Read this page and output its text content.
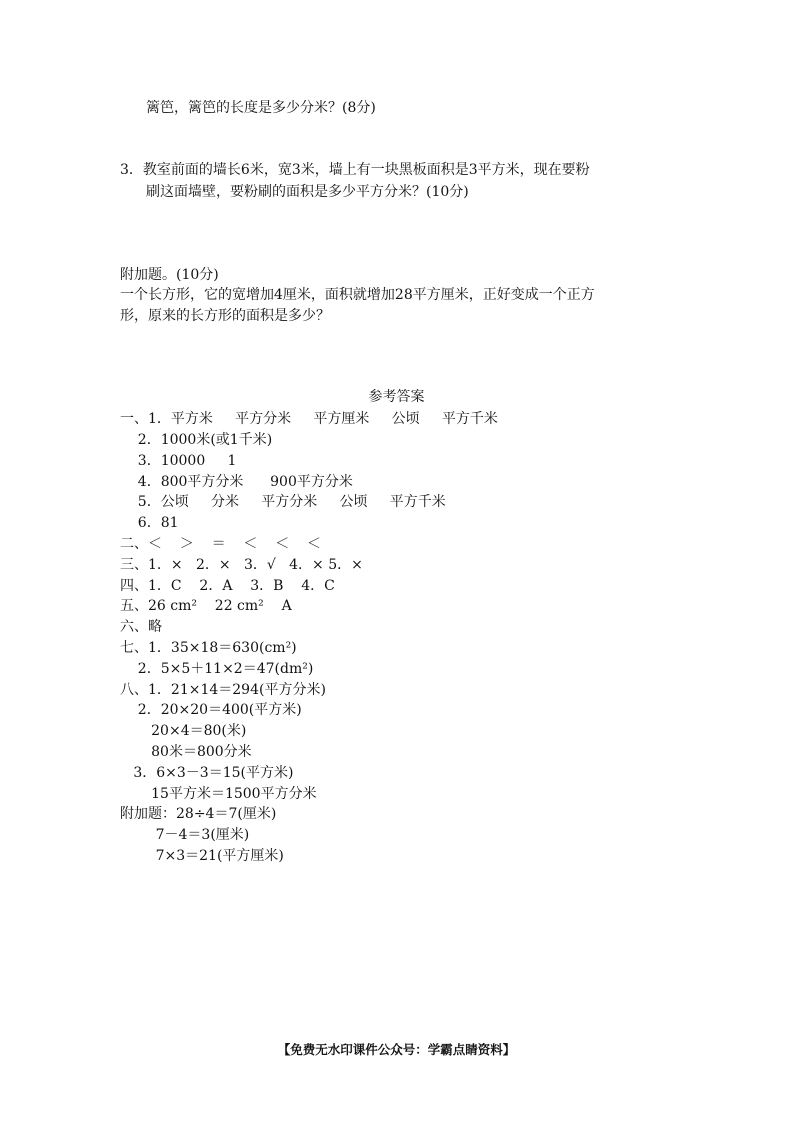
篱笆，篱笆的长度是多少分米？(8分)
3．教室前面的墙长6米，宽3米，墙上有一块黑板面积是3平方米，现在要粉
刷这面墙壁，要粉刷的面积是多少平方分米？(10分)
附加题。(10分)
一个长方形，它的宽增加4厘米，面积就增加28平方厘米，正好变成一个正方
形，原来的长方形的面积是多少？
参考答案
一、1．平方米     平方分米     平方厘米     公顷     平方千米
2．1000米(或1千米)
3．10000     1
4．800平方分米      900平方分米
5．公顷     分米     平方分米     公顷     平方千米
6．81
二、＜    ＞    ＝    ＜    ＜    ＜
三、1．×   2．×   3．√   4．× 5．×
四、1．C    2．A    3．B    4．C
五、26 cm²    22 cm²    A
六、略
七、1．35×18＝630(cm²)
2．5×5＋11×2＝47(dm²)
八、1．21×14＝294(平方分米)
2．20×20＝400(平方米)
20×4＝80(米)
80米＝800分米
3．6×3－3＝15(平方米)
15平方米＝1500平方分米
附加题：28÷4＝7(厘米)
7－4＝3(厘米)
7×3＝21(平方厘米)
【免费无水印课件公众号：学霸点睛资料】
